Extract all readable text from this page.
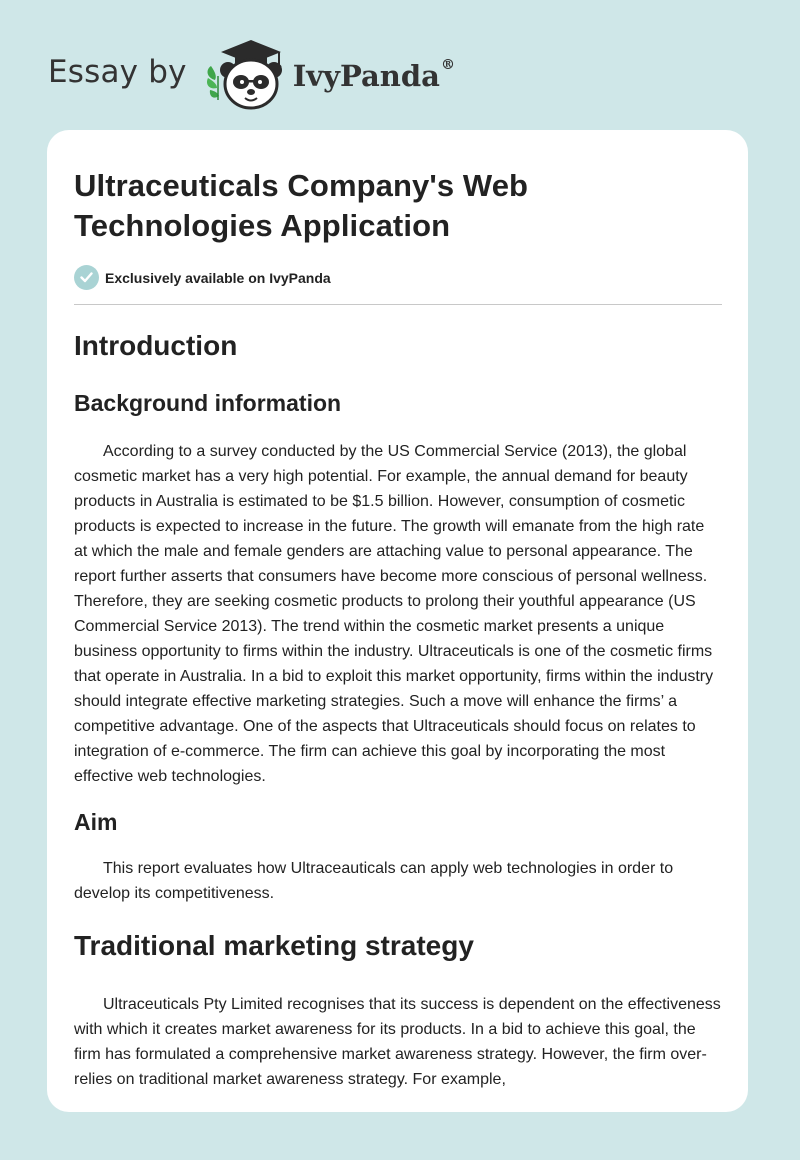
Essay by	IvyPanda®
Ultraceuticals Company's Web Technologies Application
Exclusively available on IvyPanda
Introduction
Background information

According to a survey conducted by the US Commercial Service (2013), the global cosmetic market has a very high potential. For example, the annual demand for beauty products in Australia is estimated to be $1.5 billion. However, consumption of cosmetic products is expected to increase in the future. The growth will emanate from the high rate at which the male and female genders are attaching value to personal appearance. The report further asserts that consumers have become more conscious of personal wellness. Therefore, they are seeking cosmetic products to prolong their youthful appearance (US Commercial Service 2013). The trend within the cosmetic market presents a unique business opportunity to firms within the industry. Ultraceuticals is one of the cosmetic firms that operate in Australia. In a bid to exploit this market opportunity, firms within the industry should integrate effective marketing strategies. Such a move will enhance the firms’ a competitive advantage. One of the aspects that Ultraceuticals should focus on relates to integration of e-commerce. The firm can achieve this goal by incorporating the most effective web technologies.

Aim

This report evaluates how Ultraceauticals can apply web technologies in order to develop its competitiveness.

Traditional marketing strategy

Ultraceuticals Pty Limited recognises that its success is dependent on the effectiveness with which it creates market awareness for its products. In a bid to achieve this goal, the firm has formulated a comprehensive market awareness strategy. However, the firm over-relies on traditional market awareness strategy. For example,
